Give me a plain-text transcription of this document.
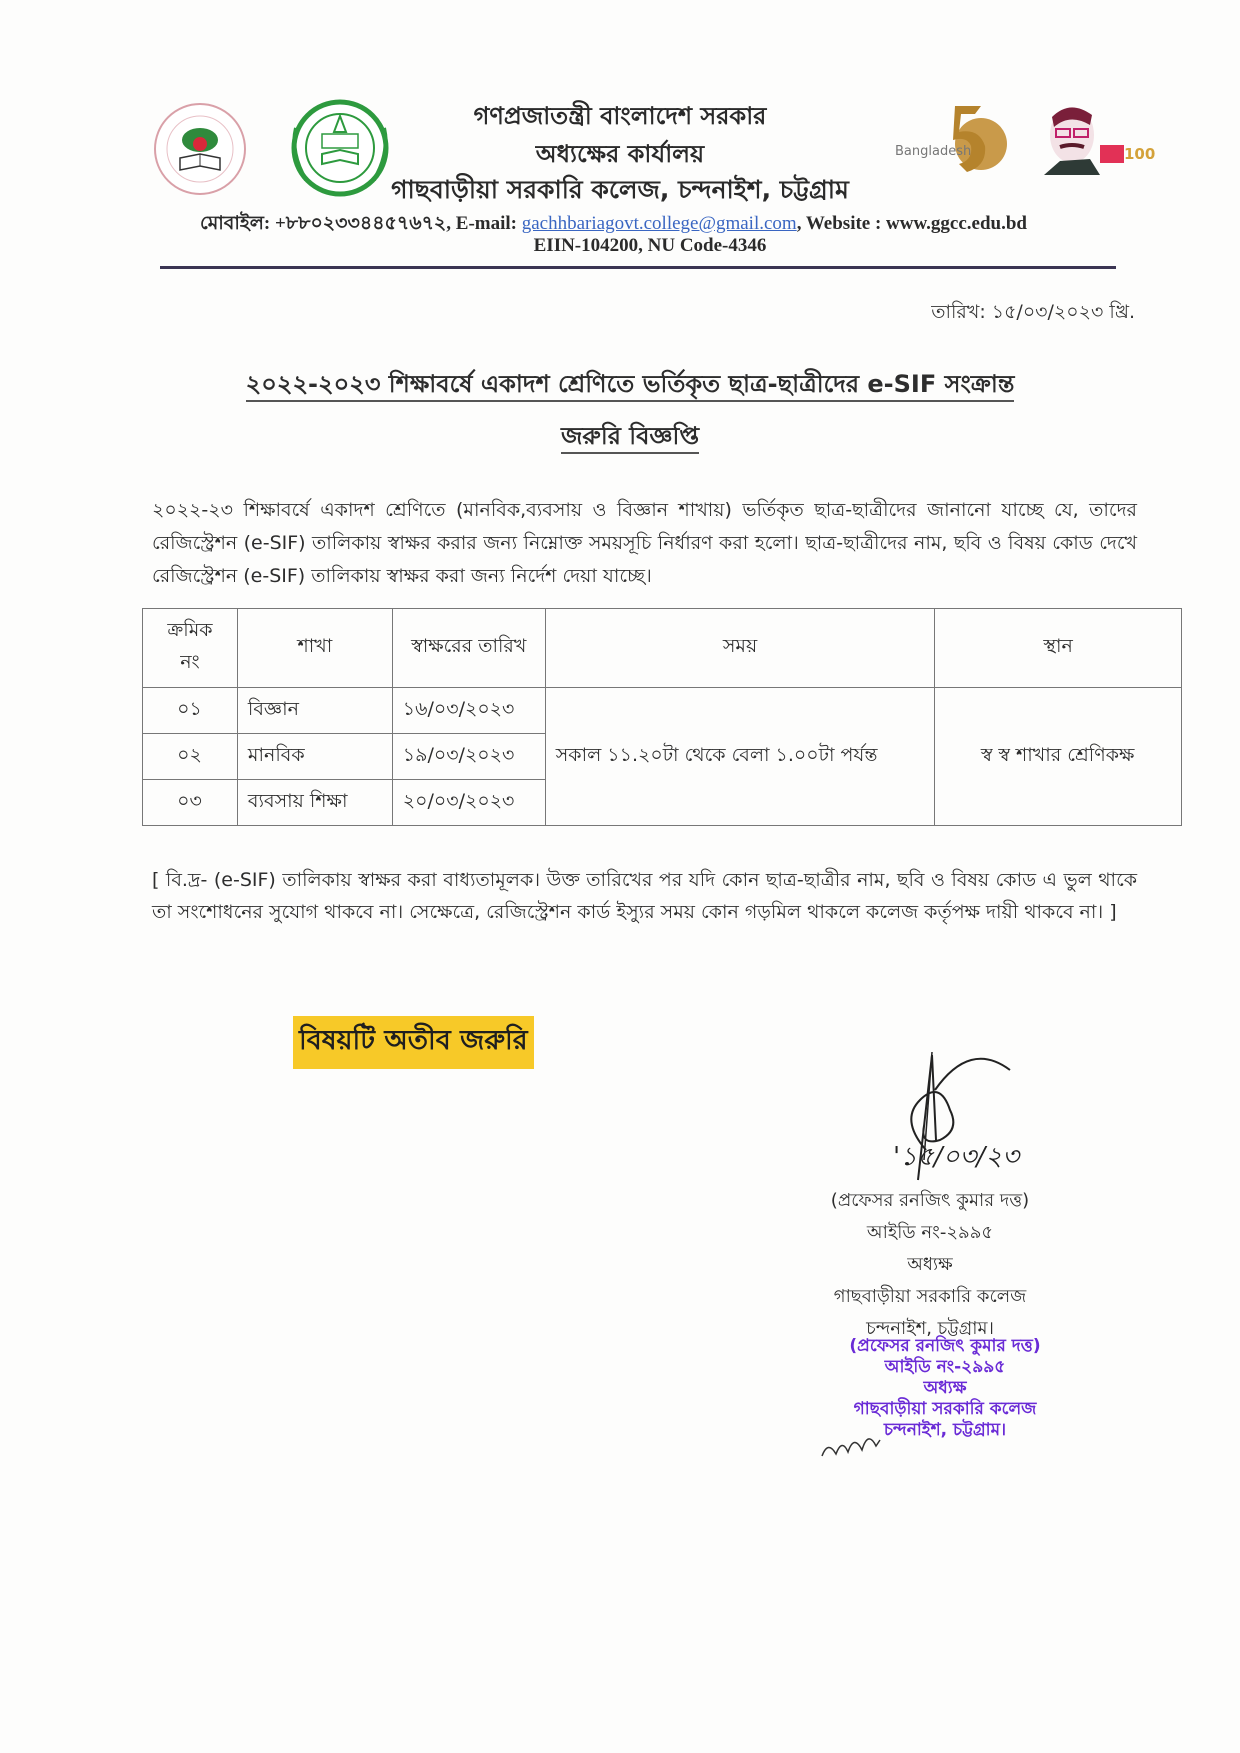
Bangladesh	100
গণপ্রজাতন্ত্রী বাংলাদেশ সরকার
অধ্যক্ষের কার্যালয়
গাছবাড়ীয়া সরকারি কলেজ, চন্দনাইশ, চট্টগ্রাম
মোবাইল: +৮৮০২৩৩৪৪৫৭৬৭২, E-mail: gachhbariagovt.college@gmail.com, Website : www.ggcc.edu.bd
EIIN-104200, NU Code-4346
তারিখ: ১৫/০৩/২০২৩ খ্রি.
২০২২-২০২৩ শিক্ষাবর্ষে একাদশ শ্রেণিতে ভর্তিকৃত ছাত্র-ছাত্রীদের e-SIF সংক্রান্ত
জরুরি বিজ্ঞপ্তি
২০২২-২৩ শিক্ষাবর্ষে একাদশ শ্রেণিতে (মানবিক,ব্যবসায় ও বিজ্ঞান শাখায়) ভর্তিকৃত ছাত্র-ছাত্রীদের জানানো যাচ্ছে যে, তাদের রেজিস্ট্রেশন (e-SIF) তালিকায় স্বাক্ষর করার জন্য নিম্নোক্ত সময়সূচি নির্ধারণ করা হলো। ছাত্র-ছাত্রীদের নাম, ছবি ও বিষয় কোড দেখে রেজিস্ট্রেশন (e-SIF) তালিকায় স্বাক্ষর করা জন্য নির্দেশ দেয়া যাচ্ছে।
ক্রমিক
নং	শাখা	স্বাক্ষরের তারিখ	সময়	স্থান
০১	বিজ্ঞান	১৬/০৩/২০২৩	সকাল ১১.২০টা থেকে বেলা ১.০০টা পর্যন্ত	স্ব স্ব শাখার শ্রেণিকক্ষ
০২	মানবিক	১৯/০৩/২০২৩		
০৩	ব্যবসায় শিক্ষা	২০/০৩/২০২৩		
[ বি.দ্র- (e-SIF) তালিকায় স্বাক্ষর করা বাধ্যতামূলক। উক্ত তারিখের পর যদি কোন ছাত্র-ছাত্রীর নাম, ছবি ও বিষয় কোড এ ভুল থাকে তা সংশোধনের সুযোগ থাকবে না। সেক্ষেত্রে, রেজিস্ট্রেশন কার্ড ইস্যুর সময় কোন গড়মিল থাকলে কলেজ কর্তৃপক্ষ দায়ী থাকবে না। ]
বিষয়টি অতীব জরুরি
'১৫/০৩/২৩
(প্রফেসর রনজিৎ কুমার দত্ত)
আইডি নং-২৯৯৫
অধ্যক্ষ
গাছবাড়ীয়া সরকারি কলেজ
চন্দনাইশ, চট্টগ্রাম।
(প্রফেসর রনজিৎ কুমার দত্ত)
আইডি নং-২৯৯৫
অধ্যক্ষ
গাছবাড়ীয়া সরকারি কলেজ
চন্দনাইশ, চট্টগ্রাম।
